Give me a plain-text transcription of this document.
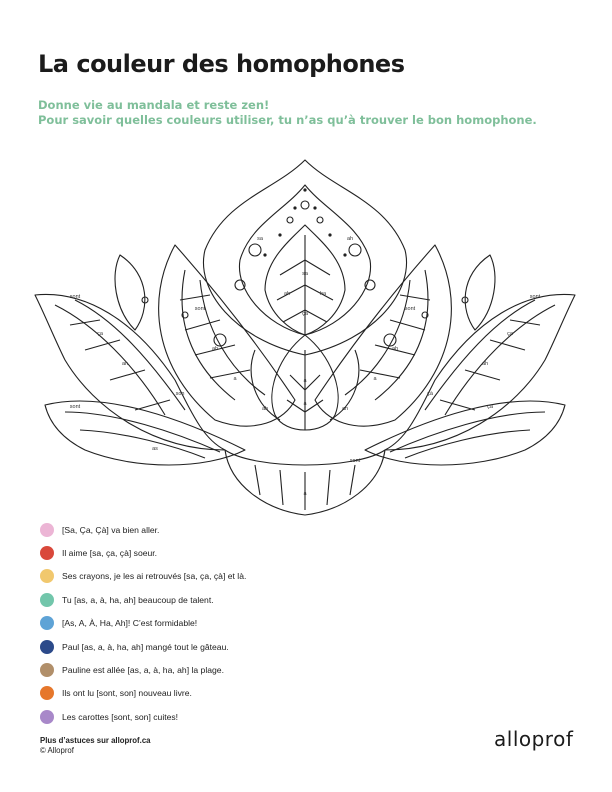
La couleur des homophones
Donne vie au mandala et reste zen!
Pour savoir quelles couleurs utiliser, tu n’as qu’à trouver le bon homophone.
sa
ah	ha
ça
sa	ah
sont	sont
ah	ah
a	a
sont	sont
ça	ça
ah	ah
sont	ça
as
sont
a
à
ah	ah
a
son	çà
[Sa, Ça, Çà] va bien aller.
Il aime [sa, ça, çà] soeur.
Ses crayons, je les ai retrouvés [sa, ça, çà] et là.
Tu [as, a, à, ha, ah] beaucoup de talent.
[As, A, À, Ha, Ah]! C’est formidable!
Paul [as, a, à, ha, ah] mangé tout le gâteau.
Pauline est allée [as, a, à, ha, ah] la plage.
Ils ont lu [sont, son] nouveau livre.
Les carottes [sont, son] cuites!
Plus d’astuces sur alloprof.ca
© Alloprof	alloprof
